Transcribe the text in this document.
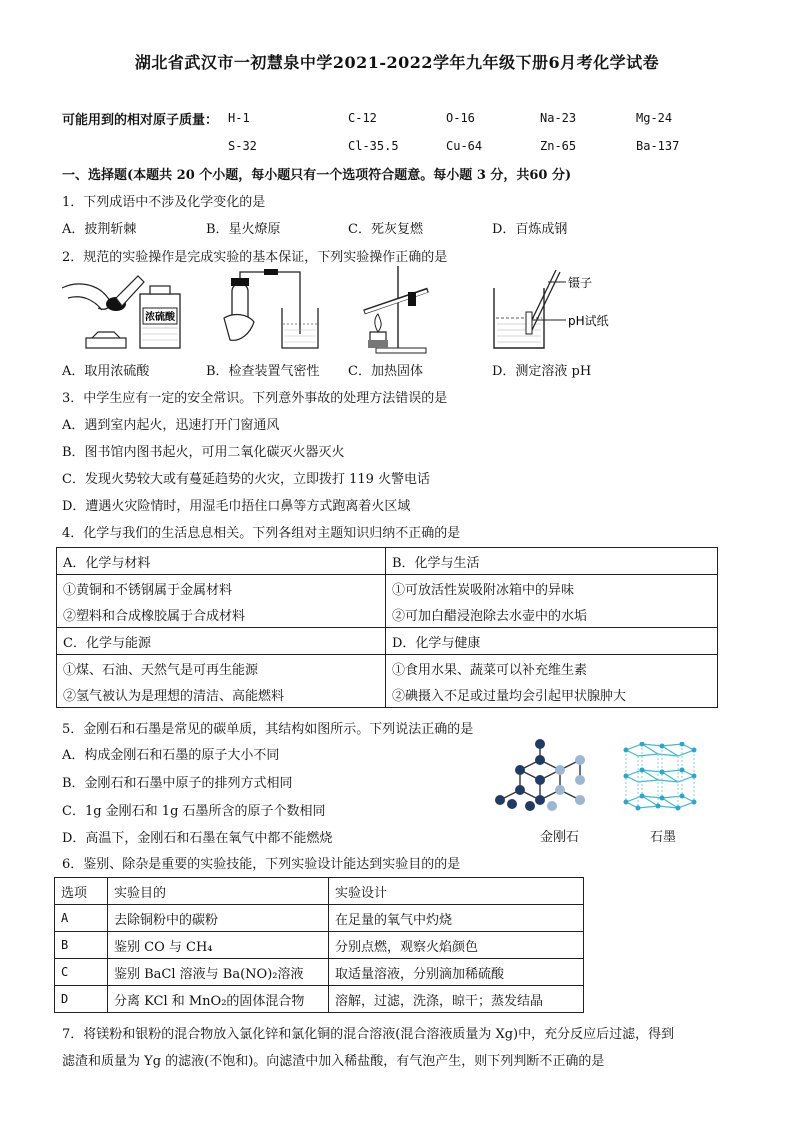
湖北省武汉市一初慧泉中学2021-2022学年九年级下册6月考化学试卷
可能用到的相对原子质量： H-1	C-12	O-16	Na-23	Mg-24
S-32	Cl-35.5	Cu-64	Zn-65	Ba-137
一、选择题(本题共 20 个小题，每小题只有一个选项符合题意。每小题 3 分，共60 分)
1．下列成语中不涉及化学变化的是
A．披荆斩棘	B．星火燎原	C．死灰复燃	D．百炼成钢
2．规范的实验操作是完成实验的基本保证，下列实验操作正确的是
浓硫酸
镊子
pH试纸
A．取用浓硫酸	B．检查装置气密性 C．加热固体	D．测定溶液 pH
3．中学生应有一定的安全常识。下列意外事故的处理方法错误的是
A．遇到室内起火，迅速打开门窗通风
B．图书馆内图书起火，可用二氧化碳灭火器灭火
C．发现火势较大或有蔓延趋势的火灾，立即拨打 119 火警电话
D．遭遇火灾险情时，用湿毛巾捂住口鼻等方式跑离着火区域
4．化学与我们的生活息息相关。下列各组对主题知识归纳不正确的是
A．化学与材料	B．化学与生活
①黄铜和不锈钢属于金属材料	①可放活性炭吸附冰箱中的异味
②塑料和合成橡胶属于合成材料	②可加白醋浸泡除去水壶中的水垢
C．化学与能源	D．化学与健康
①煤、石油、天然气是可再生能源	①食用水果、蔬菜可以补充维生素
②氢气被认为是理想的清洁、高能燃料	②碘摄入不足或过量均会引起甲状腺肿大
5．金刚石和石墨是常见的碳单质，其结构如图所示。下列说法正确的是
A．构成金刚石和石墨的原子大小不同
B．金刚石和石墨中原子的排列方式相同
C．1g 金刚石和 1g 石墨所含的原子个数相同
D．高温下，金刚石和石墨在氧气中都不能燃烧	金刚石	石墨
6．鉴别、除杂是重要的实验技能，下列实验设计能达到实验目的的是
选项	实验目的	实验设计
A	去除铜粉中的碳粉	在足量的氧气中灼烧
B	鉴别 CO 与 CH₄	分别点燃，观察火焰颜色
C	鉴别 BaCl 溶液与 Ba(NO)₂溶液	取适量溶液，分别滴加稀硫酸
D	分离 KCl 和 MnO₂的固体混合物	溶解，过滤，洗涤，晾干；蒸发结晶
7．将镁粉和银粉的混合物放入氯化锌和氯化铜的混合溶液(混合溶液质量为 Xg)中，充分反应后过滤，得到
滤渣和质量为 Yg 的滤液(不饱和)。向滤渣中加入稀盐酸，有气泡产生，则下列判断不正确的是
